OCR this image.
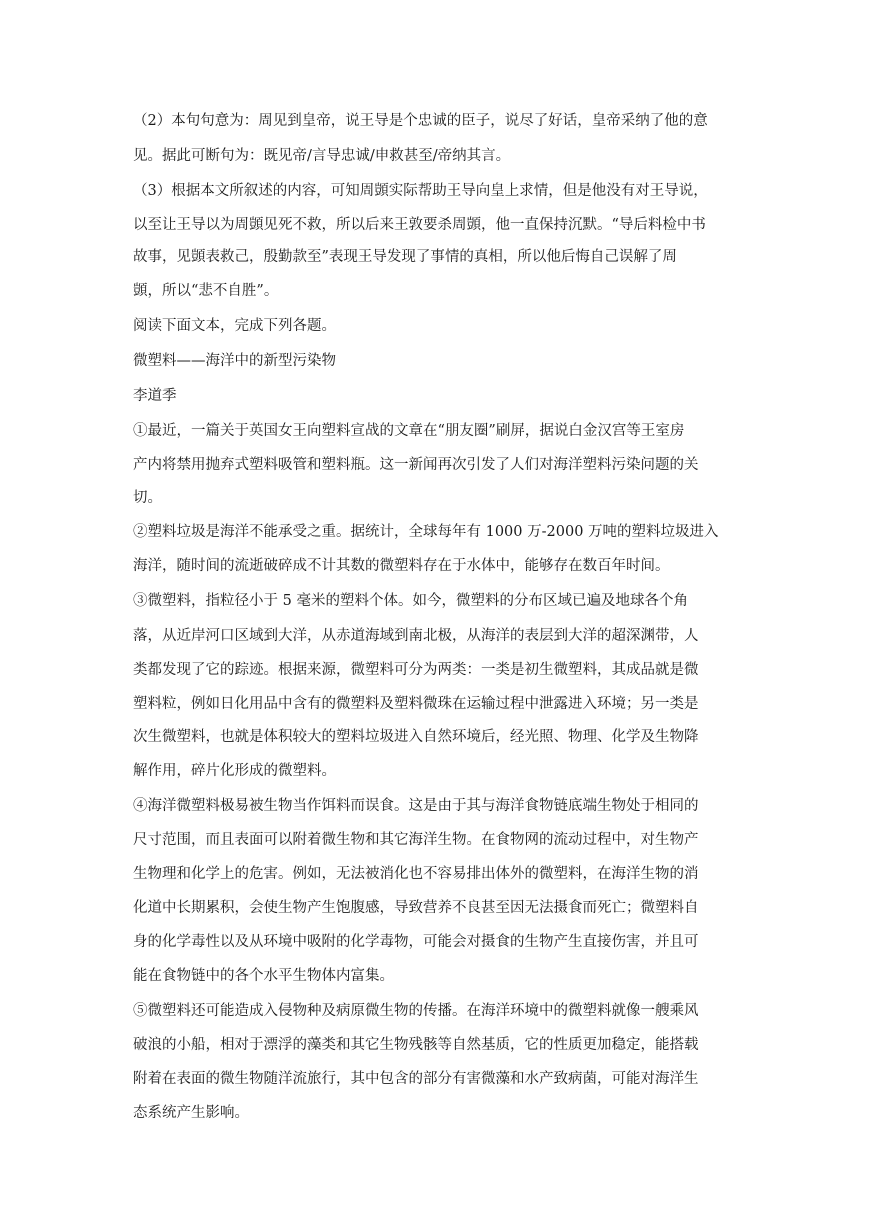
（2）本句句意为：周见到皇帝，说王导是个忠诚的臣子，说尽了好话，皇帝采纳了他的意
见。据此可断句为：既见帝/言导忠诚/申救甚至/帝纳其言。
（3）根据本文所叙述的内容，可知周顗实际帮助王导向皇上求情，但是他没有对王导说，
以至让王导以为周顗见死不救，所以后来王敦要杀周顗，他一直保持沉默。“导后料检中书
故事，见顗表救己，殷勤款至”表现王导发现了事情的真相，所以他后悔自己误解了周
顗，所以“悲不自胜”。
阅读下面文本，完成下列各题。
微塑料——海洋中的新型污染物
李道季
①最近，一篇关于英国女王向塑料宣战的文章在“朋友圈”刷屏，据说白金汉宫等王室房
产内将禁用抛弃式塑料吸管和塑料瓶。这一新闻再次引发了人们对海洋塑料污染问题的关
切。
②塑料垃圾是海洋不能承受之重。据统计，全球每年有 1000 万-2000 万吨的塑料垃圾进入
海洋，随时间的流逝破碎成不计其数的微塑料存在于水体中，能够存在数百年时间。
③微塑料，指粒径小于 5 毫米的塑料个体。如今，微塑料的分布区域已遍及地球各个角
落，从近岸河口区域到大洋，从赤道海域到南北极，从海洋的表层到大洋的超深渊带，人
类都发现了它的踪迹。根据来源，微塑料可分为两类：一类是初生微塑料，其成品就是微
塑料粒，例如日化用品中含有的微塑料及塑料微珠在运输过程中泄露进入环境；另一类是
次生微塑料，也就是体积较大的塑料垃圾进入自然环境后，经光照、物理、化学及生物降
解作用，碎片化形成的微塑料。
④海洋微塑料极易被生物当作饵料而误食。这是由于其与海洋食物链底端生物处于相同的
尺寸范围，而且表面可以附着微生物和其它海洋生物。在食物网的流动过程中，对生物产
生物理和化学上的危害。例如，无法被消化也不容易排出体外的微塑料，在海洋生物的消
化道中长期累积，会使生物产生饱腹感，导致营养不良甚至因无法摄食而死亡；微塑料自
身的化学毒性以及从环境中吸附的化学毒物，可能会对摄食的生物产生直接伤害，并且可
能在食物链中的各个水平生物体内富集。
⑤微塑料还可能造成入侵物种及病原微生物的传播。在海洋环境中的微塑料就像一艘乘风
破浪的小船，相对于漂浮的藻类和其它生物残骸等自然基质，它的性质更加稳定，能搭载
附着在表面的微生物随洋流旅行，其中包含的部分有害微藻和水产致病菌，可能对海洋生
态系统产生影响。
